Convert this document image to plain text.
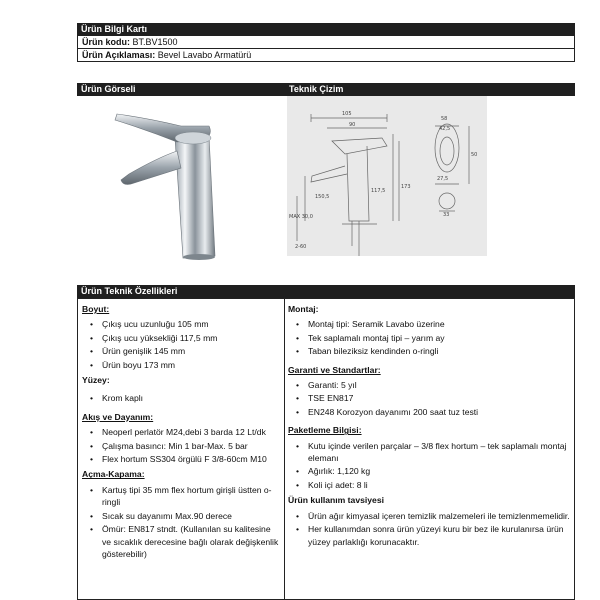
Ürün Bilgi Kartı
Ürün kodu: BT.BV1500
Ürün Açıklaması: Bevel Lavabo Armatürü
Ürün Görseli	Teknik Çizim
105
90
173
150,5
117,5
MAX 30,0
2-60
58
42,5
27,5
33
50
Ürün Teknik Özellikleri
Boyut:
• Çıkış ucu uzunluğu 105 mm
• Çıkış ucu yüksekliği 117,5 mm
• Ürün genişlik 145 mm
• Ürün boyu 173 mm
Yüzey:
• Krom kaplı
Akış ve Dayanım:
• Neoperl perlatör M24,debi 3 barda 12 Lt/dk
• Çalışma basıncı: Min 1 bar-Max. 5 bar
• Flex hortum SS304 örgülü F 3/8-60cm M10
Açma-Kapama:
• Kartuş tipi 35 mm flex hortum girişli üstten o-ringli
• Sıcak su dayanımı Max.90 derece
• Ömür: EN817 stndt. (Kullanılan su kalitesine ve sıcaklık derecesine bağlı olarak değişkenlik gösterebilir)
Montaj:
• Montaj tipi: Seramik Lavabo üzerine
• Tek saplamalı montaj tipi – yarım ay
• Taban bileziksiz kendinden o-ringli
Garanti ve Standartlar:
• Garanti: 5 yıl
• TSE EN817
• EN248 Korozyon dayanımı 200 saat tuz testi
Paketleme Bilgisi:
• Kutu içinde verilen parçalar – 3/8 flex hortum – tek saplamalı montaj elemanı
• Ağırlık: 1,120 kg
• Koli içi adet: 8 li
Ürün kullanım tavsiyesi
• Ürün ağır kimyasal içeren temizlik malzemeleri ile temizlenmemelidir.
• Her kullanımdan sonra ürün yüzeyi kuru bir bez ile kurulanırsa ürün yüzey parlaklığı korunacaktır.
